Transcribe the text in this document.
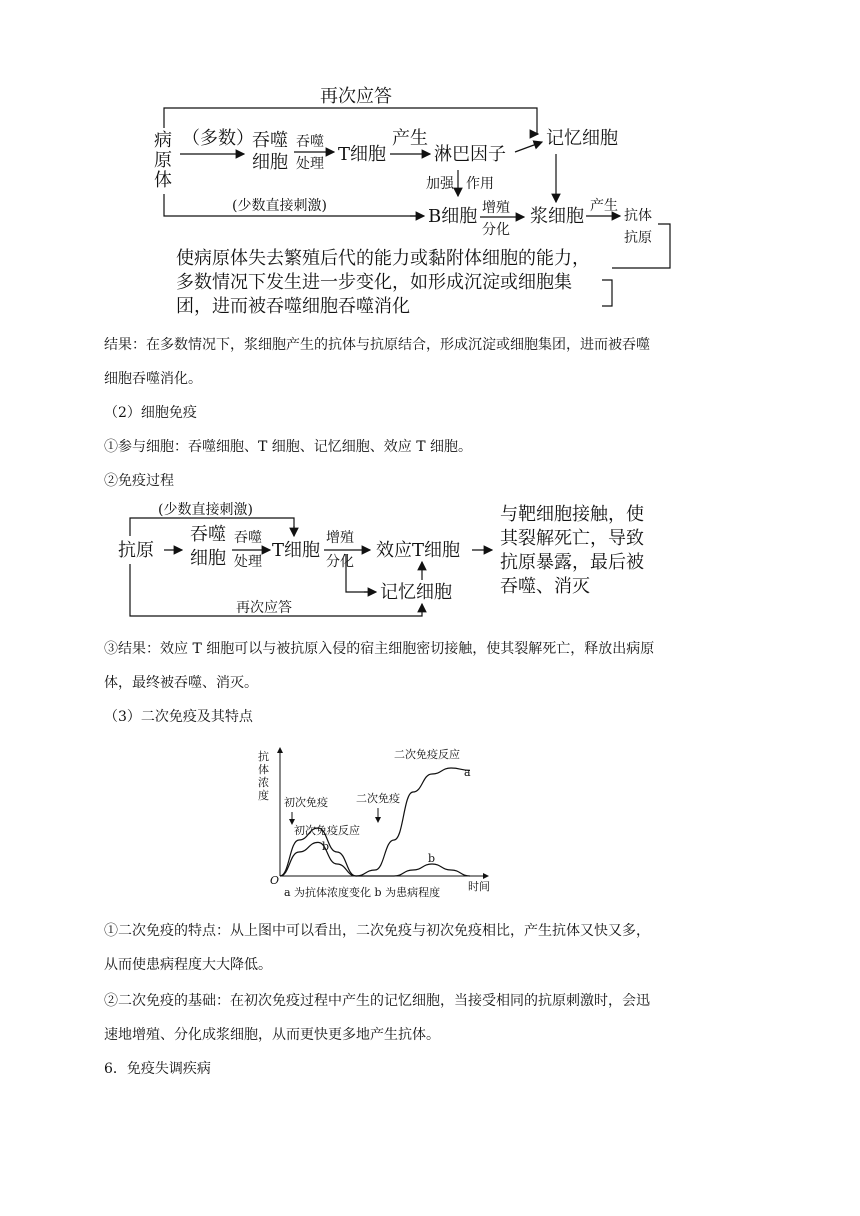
再次应答
病
原
体
（多数）
吞噬
细胞
吞噬
处理 T细胞
产生
淋巴因子
记忆细胞
加强 作用
(少数直接刺激)	B细胞 增殖
分化
浆细胞 产生
抗体
抗原
使病原体失去繁殖后代的能力或黏附体细胞的能力，
多数情况下发生进一步变化，如形成沉淀或细胞集
团，进而被吞噬细胞吞噬消化
结果：在多数情况下，浆细胞产生的抗体与抗原结合，形成沉淀或细胞集团，进而被吞噬
细胞吞噬消化。
（2）细胞免疫
①参与细胞：吞噬细胞、T 细胞、记忆细胞、效应 T 细胞。
②免疫过程
(少数直接刺激)
抗原
吞噬
细胞
吞噬
处理
T细胞
增殖
分化
效应T细胞
记忆细胞
再次应答
与靶细胞接触，使
其裂解死亡，导致
抗原暴露，最后被
吞噬、消灭
③结果：效应 T 细胞可以与被抗原入侵的宿主细胞密切接触，使其裂解死亡，释放出病原
体，最终被吞噬、消灭。
（3）二次免疫及其特点
抗
体
浓
度
O	时间
初次免疫
初次免疫反应
二次免疫
二次免疫反应
a
b
b
a 为抗体浓度变化 b 为患病程度
①二次免疫的特点：从上图中可以看出，二次免疫与初次免疫相比，产生抗体又快又多，
从而使患病程度大大降低。
②二次免疫的基础：在初次免疫过程中产生的记忆细胞，当接受相同的抗原刺激时，会迅
速地增殖、分化成浆细胞，从而更快更多地产生抗体。
6．免疫失调疾病
